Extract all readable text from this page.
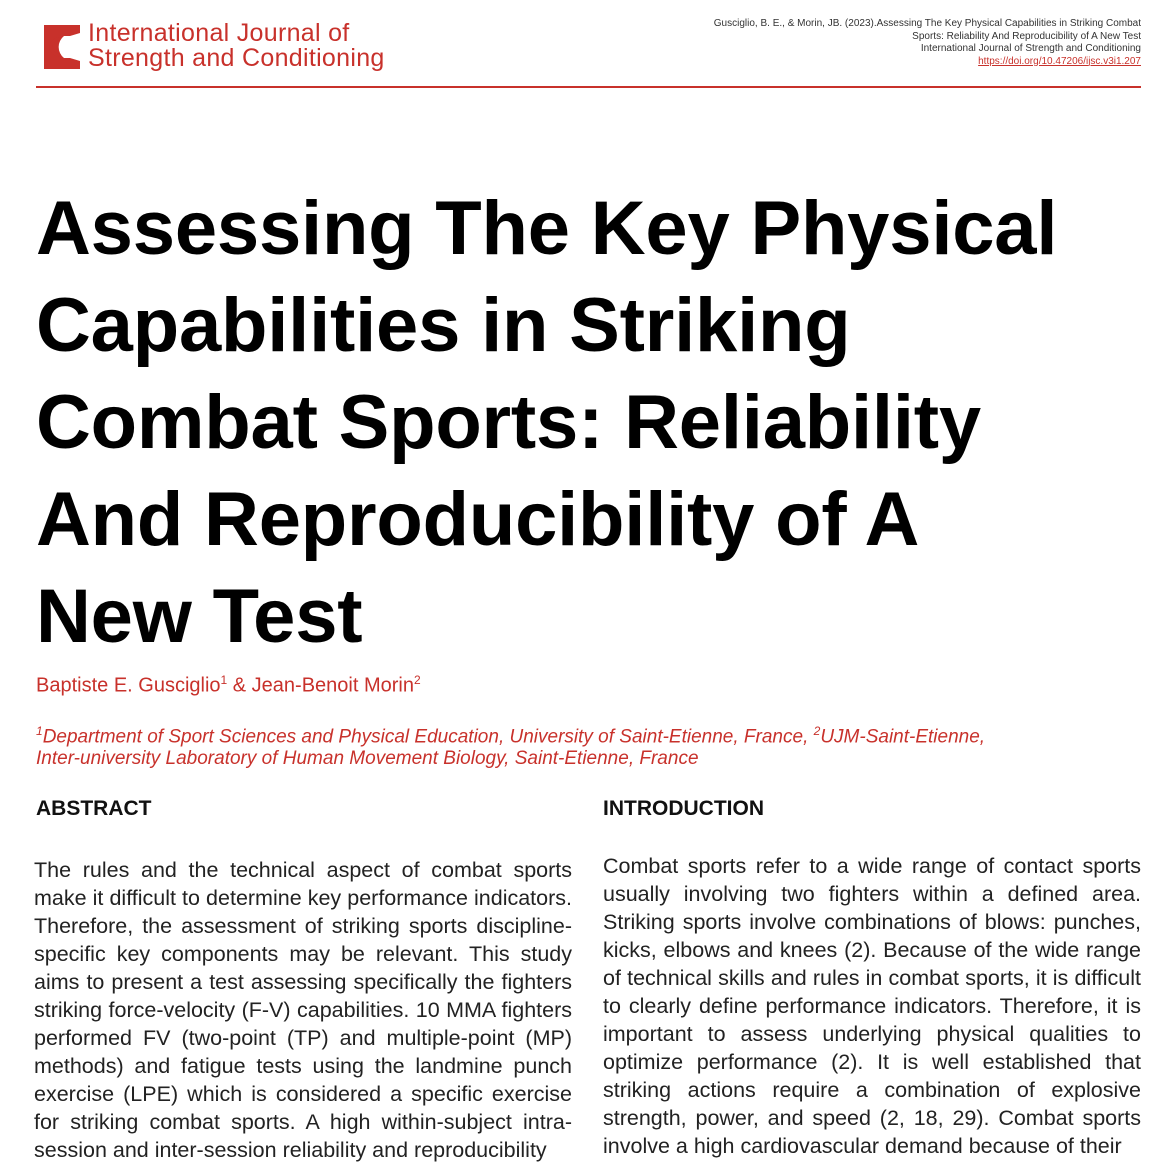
International Journal of
Strength and Conditioning
Gusciglio, B. E., & Morin, JB. (2023).Assessing The Key Physical Capabilities in Striking Combat
Sports: Reliability And Reproducibility of A New Test
International Journal of Strength and Conditioning
https://doi.org/10.47206/ijsc.v3i1.207
Assessing The Key Physical
Capabilities in Striking
Combat Sports: Reliability
And Reproducibility of A
New Test
Baptiste E. Gusciglio$^1$ & Jean-Benoit Morin$^2$
$^1$Department of Sport Sciences and Physical Education, University of Saint-Etienne, France, $^2$UJM-Saint-Etienne,
Inter-university Laboratory of Human Movement Biology, Saint-Etienne, France
ABSTRACT

The rules and the technical aspect of combat sports make it difficult to determine key performance indicators. Therefore, the assessment of striking sports discipline-specific key components may be relevant. This study aims to present a test assessing specifically the fighters striking force-velocity (F-V) capabilities. 10 MMA fighters performed FV (two-point (TP) and multiple-point (MP) methods) and fatigue tests using the landmine punch exercise (LPE) which is considered a specific exercise for striking combat sports. A high within-subject intra-session and inter-session reliability and reproducibility

INTRODUCTION

Combat sports refer to a wide range of contact sports usually involving two fighters within a defined area. Striking sports involve combinations of blows: punches, kicks, elbows and knees (2). Because of the wide range of technical skills and rules in combat sports, it is difficult to clearly define performance indicators. Therefore, it is important to assess underlying physical qualities to optimize performance (2). It is well established that striking actions require a combination of explosive strength, power, and speed (2, 18, 29). Combat sports involve a high cardiovascular demand because of their
